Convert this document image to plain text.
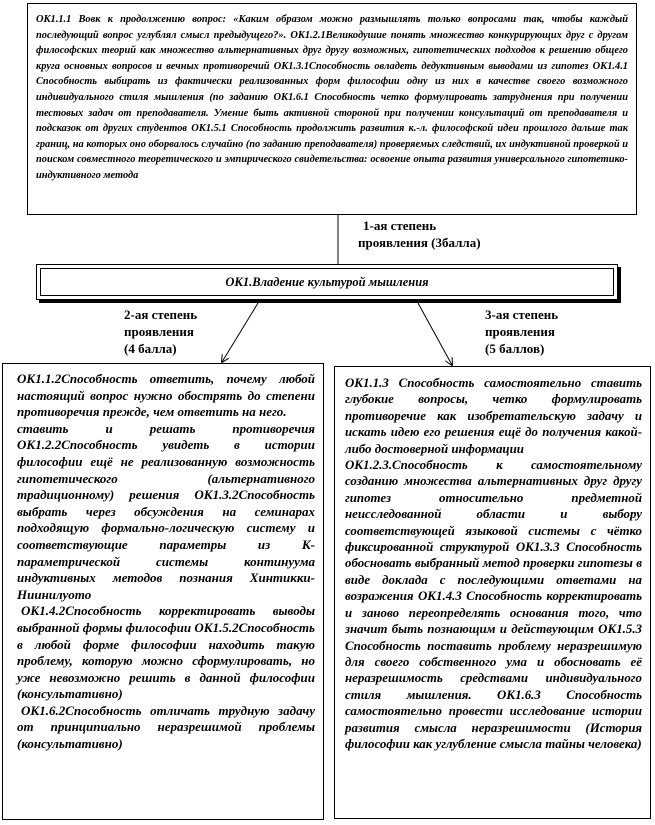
ОК1.1.1 Вовк к продолжению вопрос: «Каким образом можно размышлять только вопросами так, чтобы каждый последующий вопрос углублял смысл предыдущего?». ОК1.2.1Великодушие понять множество конкурирующих друг с другом философских теорий как множество альтернативных друг другу возможных, гипотетических подходов к решению общего круга основных вопросов и вечных противоречий ОК1.3.1Способность овладеть дедуктивным выводами из гипотез ОК1.4.1 Способность выбирать из фактически реализованных форм философии одну из них в качестве своего возможного индивидуального стиля мышления (по заданию ОК1.6.1 Способность четко формулировать затруднения при получении тестовых задач от преподавателя. Умение быть активной стороной при получении консультаций от преподавателя и подсказок от других студентов ОК1.5.1 Способность продолжить развития к.-л. философской идеи прошлого дальше так границ, на которых оно оборвалось случайно (по заданию преподавателя) проверяемых следствий, их индуктивной проверкой и поиском совместного теоретического и эмпирического свидетельства: освоение опыта развития универсального гипотетико-индуктивного метода
1-ая степень
проявления (3балла)
ОК1.Владение культурой мышления
2-ая степень
проявления
(4 балла)
3-ая степень
проявления
(5 баллов)

ОК1.1.2Способность ответить, почему любой настоящий вопрос нужно обострять до степени противоречия прежде, чем ответить на него.

ставить и решать противоречия ОК1.2.2Способность увидеть в истории философии ещё не реализованную возможность гипотетического (альтернативного традиционному) решения ОК1.3.2Способность выбрать через обсуждения на семинарах подходящую формально-логическую систему и соответствующие параметры из К-параметрической системы континуума индуктивных методов познания Хинтикки-Ниинилуото

ОК1.4.2Способность корректировать выводы выбранной формы философии ОК1.5.2Способность в любой форме философии находить такую проблему, которую можно сформулировать, но уже невозможно решить в данной философии (консультативно)

ОК1.6.2Способность отличать трудную задачу от принципиально неразрешимой проблемы (консультативно)

ОК1.1.3 Способность самостоятельно ставить глубокие вопросы, четко формулировать противоречие как изобретательскую задачу и искать идею его решения ещё до получения какой-либо достоверной информации

ОК1.2.3.Способность к самостоятельному созданию множества альтернативных друг другу гипотез относительно предметной неисследованной области и выбору соответствующей языковой системы с чётко фиксированной структурой ОК1.3.3 Способность обосновать выбранный метод проверки гипотезы в виде доклада с последующими ответами на возражения ОК1.4.3 Способность корректировать и заново переопределять основания того, что значит быть познающим и действующим ОК1.5.3 Способность поставить проблему неразрешимую для своего собственного ума и обосновать её неразрешимость средствами индивидуального стиля мышления. ОК1.6.3 Способность самостоятельно провести исследование истории развития смысла неразрешимости (История философии как углубление смысла тайны человека)
